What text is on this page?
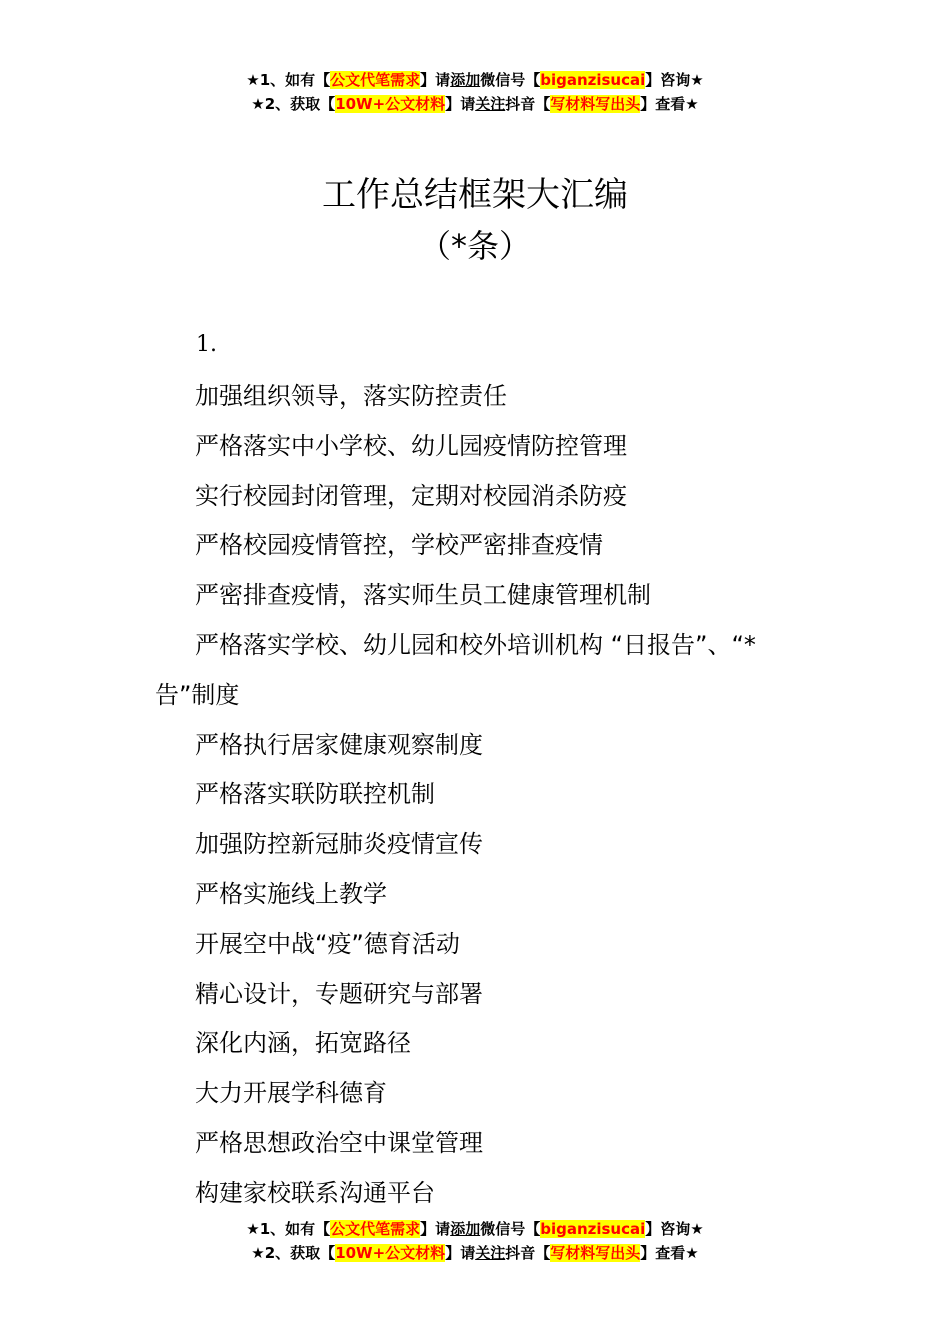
★1、如有【公文代笔需求】请添加微信号【biganzisucai】咨询★
★2、获取【10W+公文材料】请关注抖音【写材料写出头】查看★
工作总结框架大汇编
（*条）
1.

加强组织领导，落实防控责任

严格落实中小学校、幼儿园疫情防控管理

实行校园封闭管理，定期对校园消杀防疫

严格校园疫情管控，学校严密排查疫情

严密排查疫情，落实师生员工健康管理机制

严格落实学校、幼儿园和校外培训机构 “日报告”、“*告”制度

严格执行居家健康观察制度

严格落实联防联控机制

加强防控新冠肺炎疫情宣传

严格实施线上教学

开展空中战“疫”德育活动

精心设计，专题研究与部署

深化内涵，拓宽路径

大力开展学科德育

严格思想政治空中课堂管理

构建家校联系沟通平台

★1、如有【公文代笔需求】请添加微信号【biganzisucai】咨询★
★2、获取【10W+公文材料】请关注抖音【写材料写出头】查看★
